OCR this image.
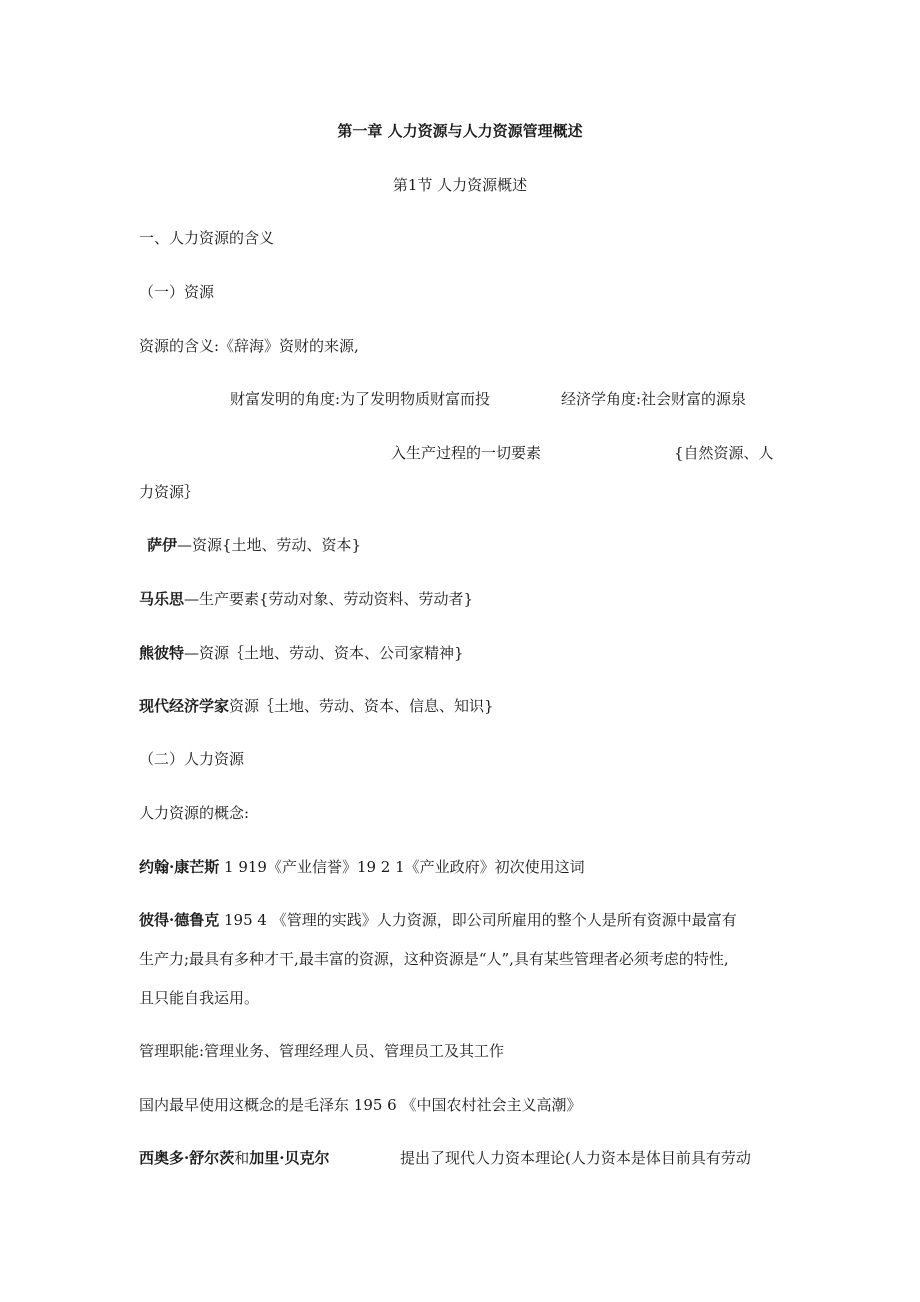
第一章 人力资源与人力资源管理概述
第1节 人力资源概述
一、人力资源的含义
（一）资源
资源的含义:《辞海》资财的来源,
财富发明的角度:为了发明物质财富而投	经济学角度:社会财富的源泉
入生产过程的一切要素	{自然资源、人
力资源｝
萨伊—资源{土地、劳动、资本}
马乐思—生产要素{劳动对象、劳动资料、劳动者}
熊彼特—资源｛土地、劳动、资本、公司家精神}
现代经济学家资源｛土地、劳动、资本、信息、知识}
（二）人力资源
人力资源的概念:
约翰·康芒斯 1 919《产业信誉》19 2 1《产业政府》初次使用这词
彼得·德鲁克 195 4 《管理的实践》人力资源，即公司所雇用的整个人是所有资源中最富有
生产力;最具有多种才干,最丰富的资源，这种资源是“人”,具有某些管理者必须考虑的特性,
且只能自我运用。
管理职能:管理业务、管理经理人员、管理员工及其工作
国内最早使用这概念的是毛泽东 195 6 《中国农村社会主义高潮》
西奥多·舒尔茨和加里·贝克尔	提出了现代人力资本理论(人力资本是体目前具有劳动
